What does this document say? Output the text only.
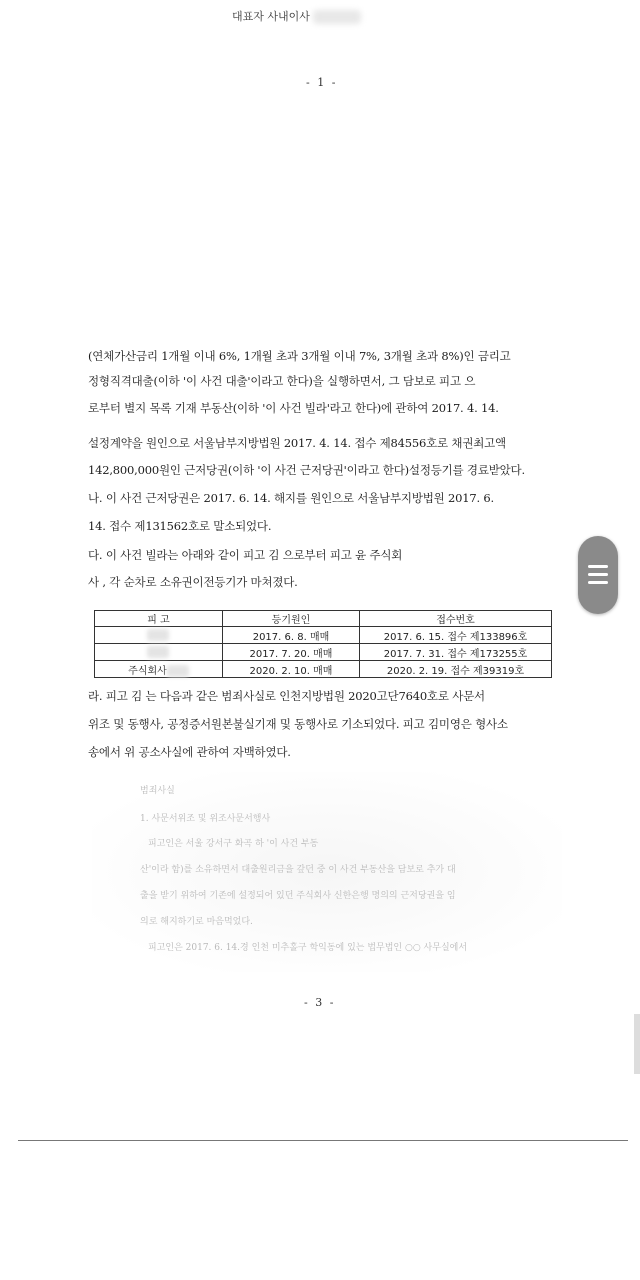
대표자 사내이사
- 1 -
(연체가산금리 1개월 이내 6%, 1개월 초과 3개월 이내 7%, 3개월 초과 8%)인 금리고
정형직격대출(이하 '이 사건 대출'이라고 한다)을 실행하면서, 그 담보로 피고 으
로부터 별지 목록 기재 부동산(이하 '이 사건 빌라'라고 한다)에 관하여 2017. 4. 14.
설정계약을 원인으로 서울남부지방법원 2017. 4. 14. 접수 제84556호로 채권최고액
142,800,000원인 근저당권(이하 '이 사건 근저당권'이라고 한다)설정등기를 경료받았다.
나. 이 사건 근저당권은 2017. 6. 14. 해지를 원인으로 서울남부지방법원 2017. 6.
14. 접수 제131562호로 말소되었다.
다. 이 사건 빌라는 아래와 같이 피고 김 으로부터 피고 윤 주식회
사 , 각 순차로 소유권이전등기가 마쳐졌다.
피 고	등기원인	접수번호
	2017. 6. 8. 매매	2017. 6. 15. 접수 제133896호
	2017. 7. 20. 매매	2017. 7. 31. 접수 제173255호
주식회사	2020. 2. 10. 매매	2020. 2. 19. 접수 제39319호
라. 피고 김 는 다음과 같은 범죄사실로 인천지방법원 2020고단7640호로 사문서
위조 및 동행사, 공정증서원본불실기재 및 동행사로 기소되었다. 피고 김미영은 형사소
송에서 위 공소사실에 관하여 자백하였다.
범죄사실
1. 사문서위조 및 위조사문서행사
피고인은 서울 강서구 화곡 하 '이 사건 부동
산'이라 함)를 소유하면서 대출원리금을 갚던 중 이 사건 부동산을 담보로 추가 대
출을 받기 위하여 기존에 설정되어 있던 주식회사 신한은행 명의의 근저당권을 임
의로 해지하기로 마음먹었다.
피고인은 2017. 6. 14.경 인천 미추홀구 학익동에 있는 법무법인 ○○ 사무실에서
- 3 -
